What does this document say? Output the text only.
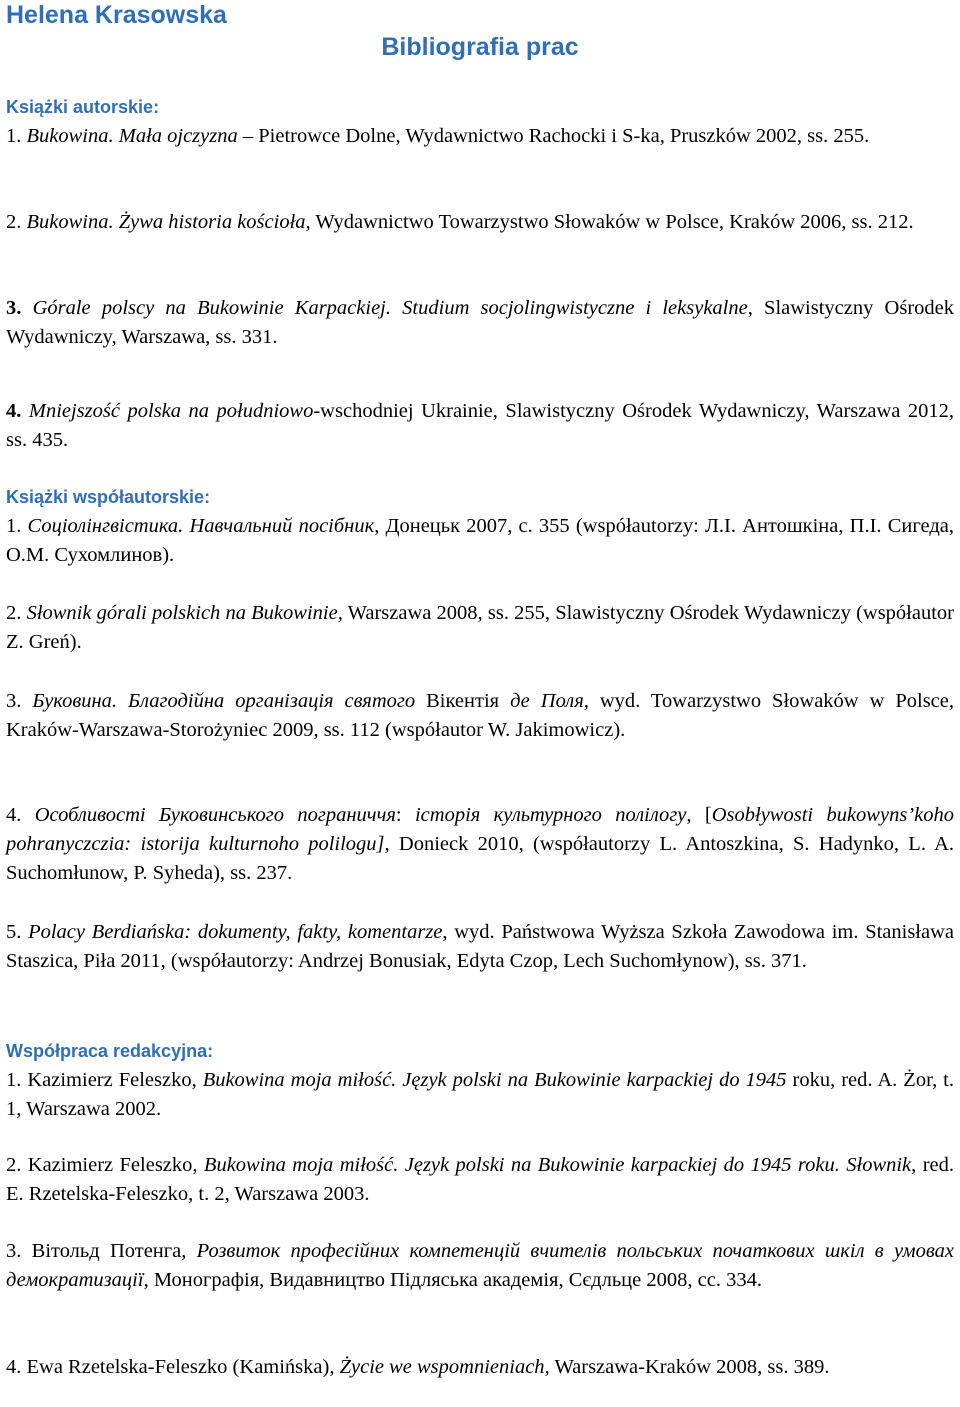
Helena Krasowska
Bibliografia prac
Książki autorskie:

1. Bukowina. Mała ojczyzna – Pietrowce Dolne, Wydawnictwo Rachocki i S-ka, Pruszków 2002, ss. 255.

2. Bukowina. Żywa historia kościoła, Wydawnictwo Towarzystwo Słowaków w Polsce, Kraków 2006, ss. 212.

3. Górale polscy na Bukowinie Karpackiej. Studium socjolingwistyczne i leksykalne, Slawistyczny Ośrodek Wydawniczy, Warszawa, ss. 331.

4. Mniejszość polska na południowo-wschodniej Ukrainie, Slawistyczny Ośrodek Wydawniczy, Warszawa 2012, ss. 435.

Książki współautorskie:

1. Соціолінгвістика. Навчальний посібник, Донецьк 2007, с. 355 (współautorzy: Л.І. Антошкіна, П.І. Сигеда, О.М. Сухомлинов).

2. Słownik górali polskich na Bukowinie, Warszawa 2008, ss. 255, Slawistyczny Ośrodek Wydawniczy (współautor Z. Greń).

3. Буковина. Благодійна організація святого Вікентія де Поля, wyd. Towarzystwo Słowaków w Polsce, Kraków-Warszawa-Storożyniec 2009, ss. 112 (współautor W. Jakimowicz).

4. Особливості Буковинського пограниччя: історія культурного полілогу, [Osobływosti bukowyns’koho pohranyczczia: istorija kulturnoho polilogu], Donieck 2010, (współautorzy L. Antoszkina, S. Hadynko, L. A. Suchomłunow, P. Syheda), ss. 237.

5. Polacy Berdiańska: dokumenty, fakty, komentarze, wyd. Państwowa Wyższa Szkoła Zawodowa im. Stanisława Staszica, Piła 2011, (współautorzy: Andrzej Bonusiak, Edyta Czop, Lech Suchomłynow), ss. 371.

Współpraca redakcyjna:

1. Kazimierz Feleszko, Bukowina moja miłość. Język polski na Bukowinie karpackiej do 1945 roku, red. A. Żor, t. 1, Warszawa 2002.

2. Kazimierz Feleszko, Bukowina moja miłość. Język polski na Bukowinie karpackiej do 1945 roku. Słownik, red. E. Rzetelska-Feleszko, t. 2, Warszawa 2003.

3. Вітольд Потенга, Розвиток професійних компетенцій вчителів польських початкових шкіл в умовах демократизації, Монографія, Видавництво Підляська академія, Сєдльце 2008, cc. 334.

4. Ewa Rzetelska-Feleszko (Kamińska), Życie we wspomnieniach, Warszawa-Kraków 2008, ss. 389.
